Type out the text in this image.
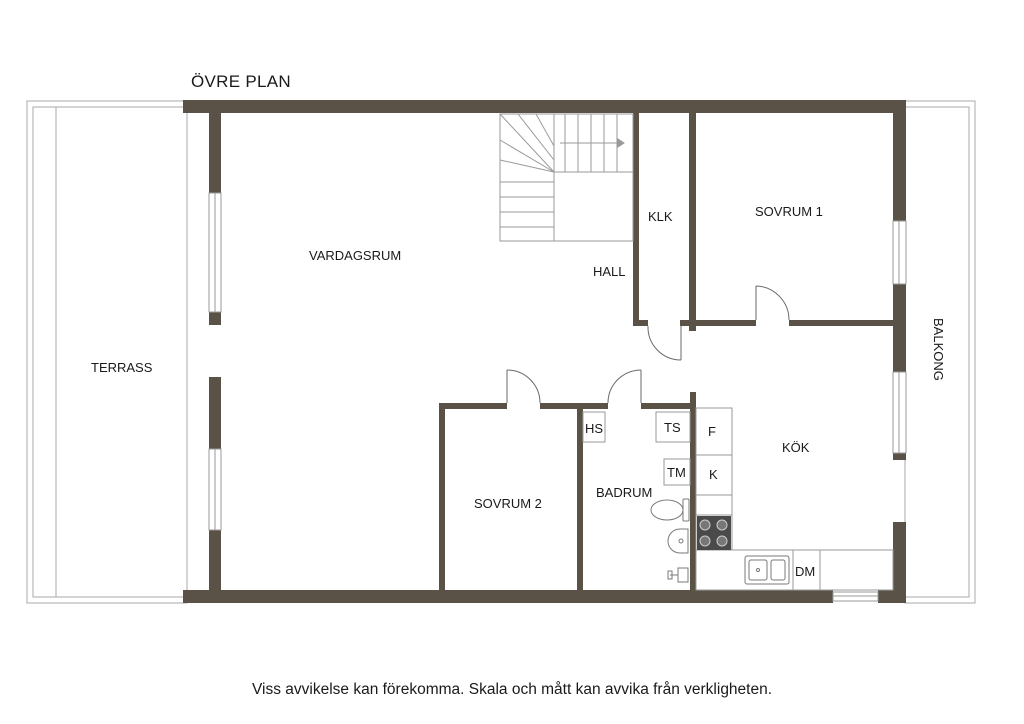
ÖVRE PLAN
TERRASS
VARDAGSRUM
HALL
KLK	SOVRUM 1
BALKONG
KÖK
SOVRUM 2
BADRUM
HS	TS
TM
F
K
DM
Viss avvikelse kan förekomma. Skala och mått kan avvika från verkligheten.
